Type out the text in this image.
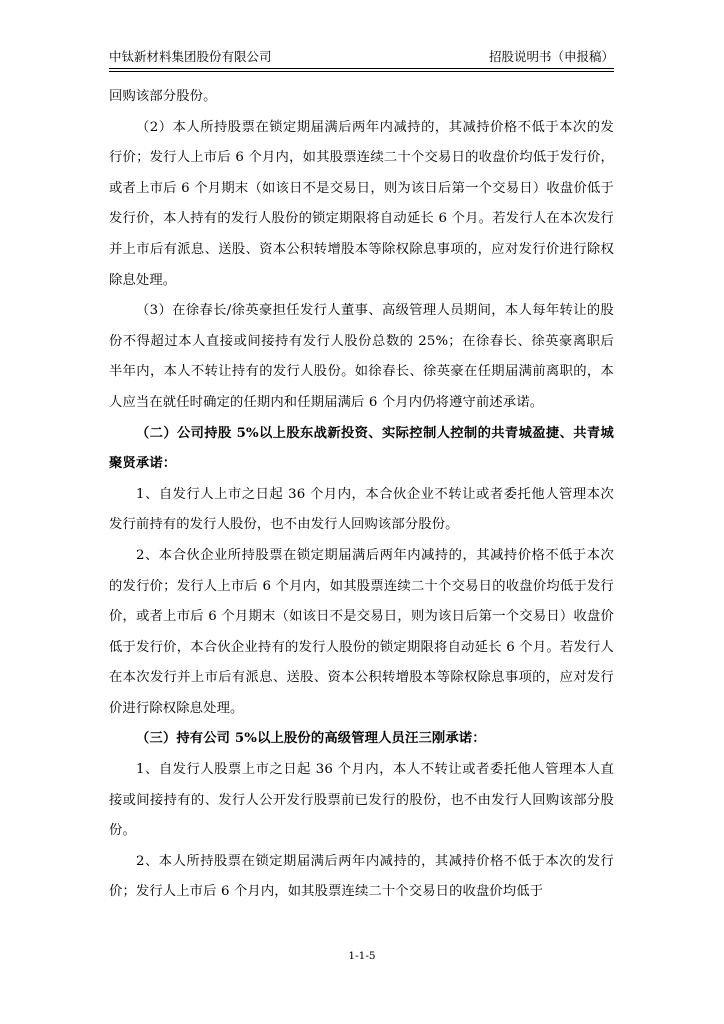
中钛新材料集团股份有限公司	招股说明书（申报稿）

回购该部分股份。

（2）本人所持股票在锁定期届满后两年内减持的，其减持价格不低于本次的发行价；发行人上市后 6 个月内，如其股票连续二十个交易日的收盘价均低于发行价，或者上市后 6 个月期末（如该日不是交易日，则为该日后第一个交易日）收盘价低于发行价，本人持有的发行人股份的锁定期限将自动延长 6 个月。若发行人在本次发行并上市后有派息、送股、资本公积转增股本等除权除息事项的，应对发行价进行除权除息处理。

（3）在徐春长/徐英豪担任发行人董事、高级管理人员期间，本人每年转让的股份不得超过本人直接或间接持有发行人股份总数的 25%；在徐春长、徐英豪离职后半年内，本人不转让持有的发行人股份。如徐春长、徐英豪在任期届满前离职的，本人应当在就任时确定的任期内和任期届满后 6 个月内仍将遵守前述承诺。

（二）公司持股 5%以上股东战新投资、实际控制人控制的共青城盈捷、共青城聚贤承诺：

1、自发行人上市之日起 36 个月内，本合伙企业不转让或者委托他人管理本次发行前持有的发行人股份，也不由发行人回购该部分股份。

2、本合伙企业所持股票在锁定期届满后两年内减持的，其减持价格不低于本次的发行价；发行人上市后 6 个月内，如其股票连续二十个交易日的收盘价均低于发行价，或者上市后 6 个月期末（如该日不是交易日，则为该日后第一个交易日）收盘价低于发行价，本合伙企业持有的发行人股份的锁定期限将自动延长 6 个月。若发行人在本次发行并上市后有派息、送股、资本公积转增股本等除权除息事项的，应对发行价进行除权除息处理。

（三）持有公司 5%以上股份的高级管理人员汪三刚承诺：

1、自发行人股票上市之日起 36 个月内，本人不转让或者委托他人管理本人直接或间接持有的、发行人公开发行股票前已发行的股份，也不由发行人回购该部分股份。

2、本人所持股票在锁定期届满后两年内减持的，其减持价格不低于本次的发行价；发行人上市后 6 个月内，如其股票连续二十个交易日的收盘价均低于

1-1-5
